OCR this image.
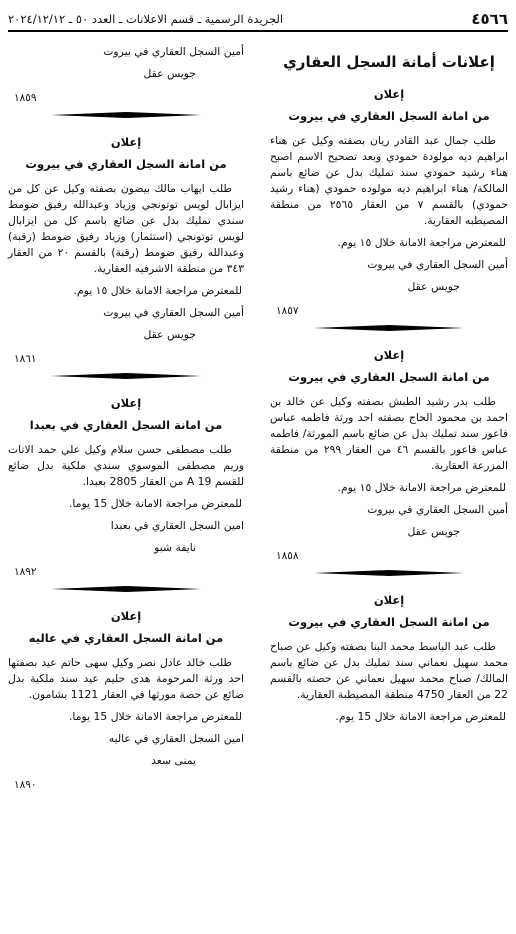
٤٥٦٦
الجريدة الرسمية ـ قسم الاعلانات ـ العدد ٥٠ ـ ٢٠٢٤/١٢/١٢
إعلانات أمانة السجل العقاري
إعلان
من امانة السجل العقاري في بيروت
طلب جمال عبد القادر ريان بصفته وكيل عن هناء ابراهيم ديه مولودة حمودي وبعد تصحيح الاسم اصبح هناء رشيد حمودي سند تمليك بدل عن ضائع باسم المالكة/ هناء ابراهيم ديه مولوده حمودي (هناء رشيد حمودي) بالقسم ٧ من العقار ٢٥٦٥ من منطقة المصيطبه العقارية.
للمعترض مراجعة الامانة خلال ١٥ يوم.
أمين السجل العقاري في بيروت
جويس عقل
١٨٥٧
إعلان
من امانة السجل العقاري في بيروت
طلب بدر رشيد الطبش بصفته وكيل عن خالد بن احمد بن محمود الحاج بصفته احد ورثة فاطمه عباس فاعور سند تمليك بدل عن ضائع باسم المورثة/ فاطمه عباس فاعور بالقسم ٤٦ من العقار ٢٩٩ من منطقة المزرعة العقارية.
للمعترض مراجعة الامانة خلال ١٥ يوم.
أمين السجل العقاري في بيروت
جويس عقل
١٨٥٨
إعلان
من امانة السجل العقاري في بيروت
طلب عبد الباسط محمد البنا بصفته وكيل عن صباح محمد سهيل نعماني سند تمليك بدل عن ضائع باسم المالك/ صباح محمد سهيل نعماني عن حصته بالقسم 22 من العقار 4750 منطقة المصيطبة العقارية.
للمعترض مراجعة الامانة خلال 15 يوم.
أمين السجل العقاري في بيروت
جويس عقل
١٨٥٩
إعلان
من امانة السجل العقاري في بيروت
طلب ايهاب مالك بيضون بصفته وكيل عن كل من ايزابال لويس توتونجي وزياد وعبدالله رفيق ضومط سندي تمليك بدل عن ضائع باسم كل من ايزابال لويس توتونجي (استثمار) وزياد رفيق ضومط (رقبة) وعبدالله رفيق ضومط (رقبة) بالقسم ٢٠ من العقار ٣٤٣ من منطقة الاشرفيه العقارية.
للمعترض مراجعة الامانة خلال ١٥ يوم.
أمين السجل العقاري في بيروت
جويس عقل
١٨٦١
إعلان
من امانة السجل العقاري في بعبدا
طلب مصطفى حسن سلام وكيل علي حمد الاتات وريم مصطفى الموسوي سندي ملكية بدل ضائع للقسم A 19 من العقار 2805 بعبدا.
للمعترض مراجعة الامانة خلال 15 يوما.
امين السجل العقاري في بعبدا
نايفة شبو
١٨٩٢
إعلان
من امانة السجل العقاري في عاليه
طلب خالد عادل نصر وكيل سهى حاتم عيد بصفتها احد ورثة المرحومة هدى حليم عيد سند ملكية بدل ضائع عن حصة مورثها في العقار 1121 بشامون.
للمعترض مراجعة الامانة خلال 15 يوما.
امين السجل العقاري في عاليه
يمنى سعد
١٨٩٠
